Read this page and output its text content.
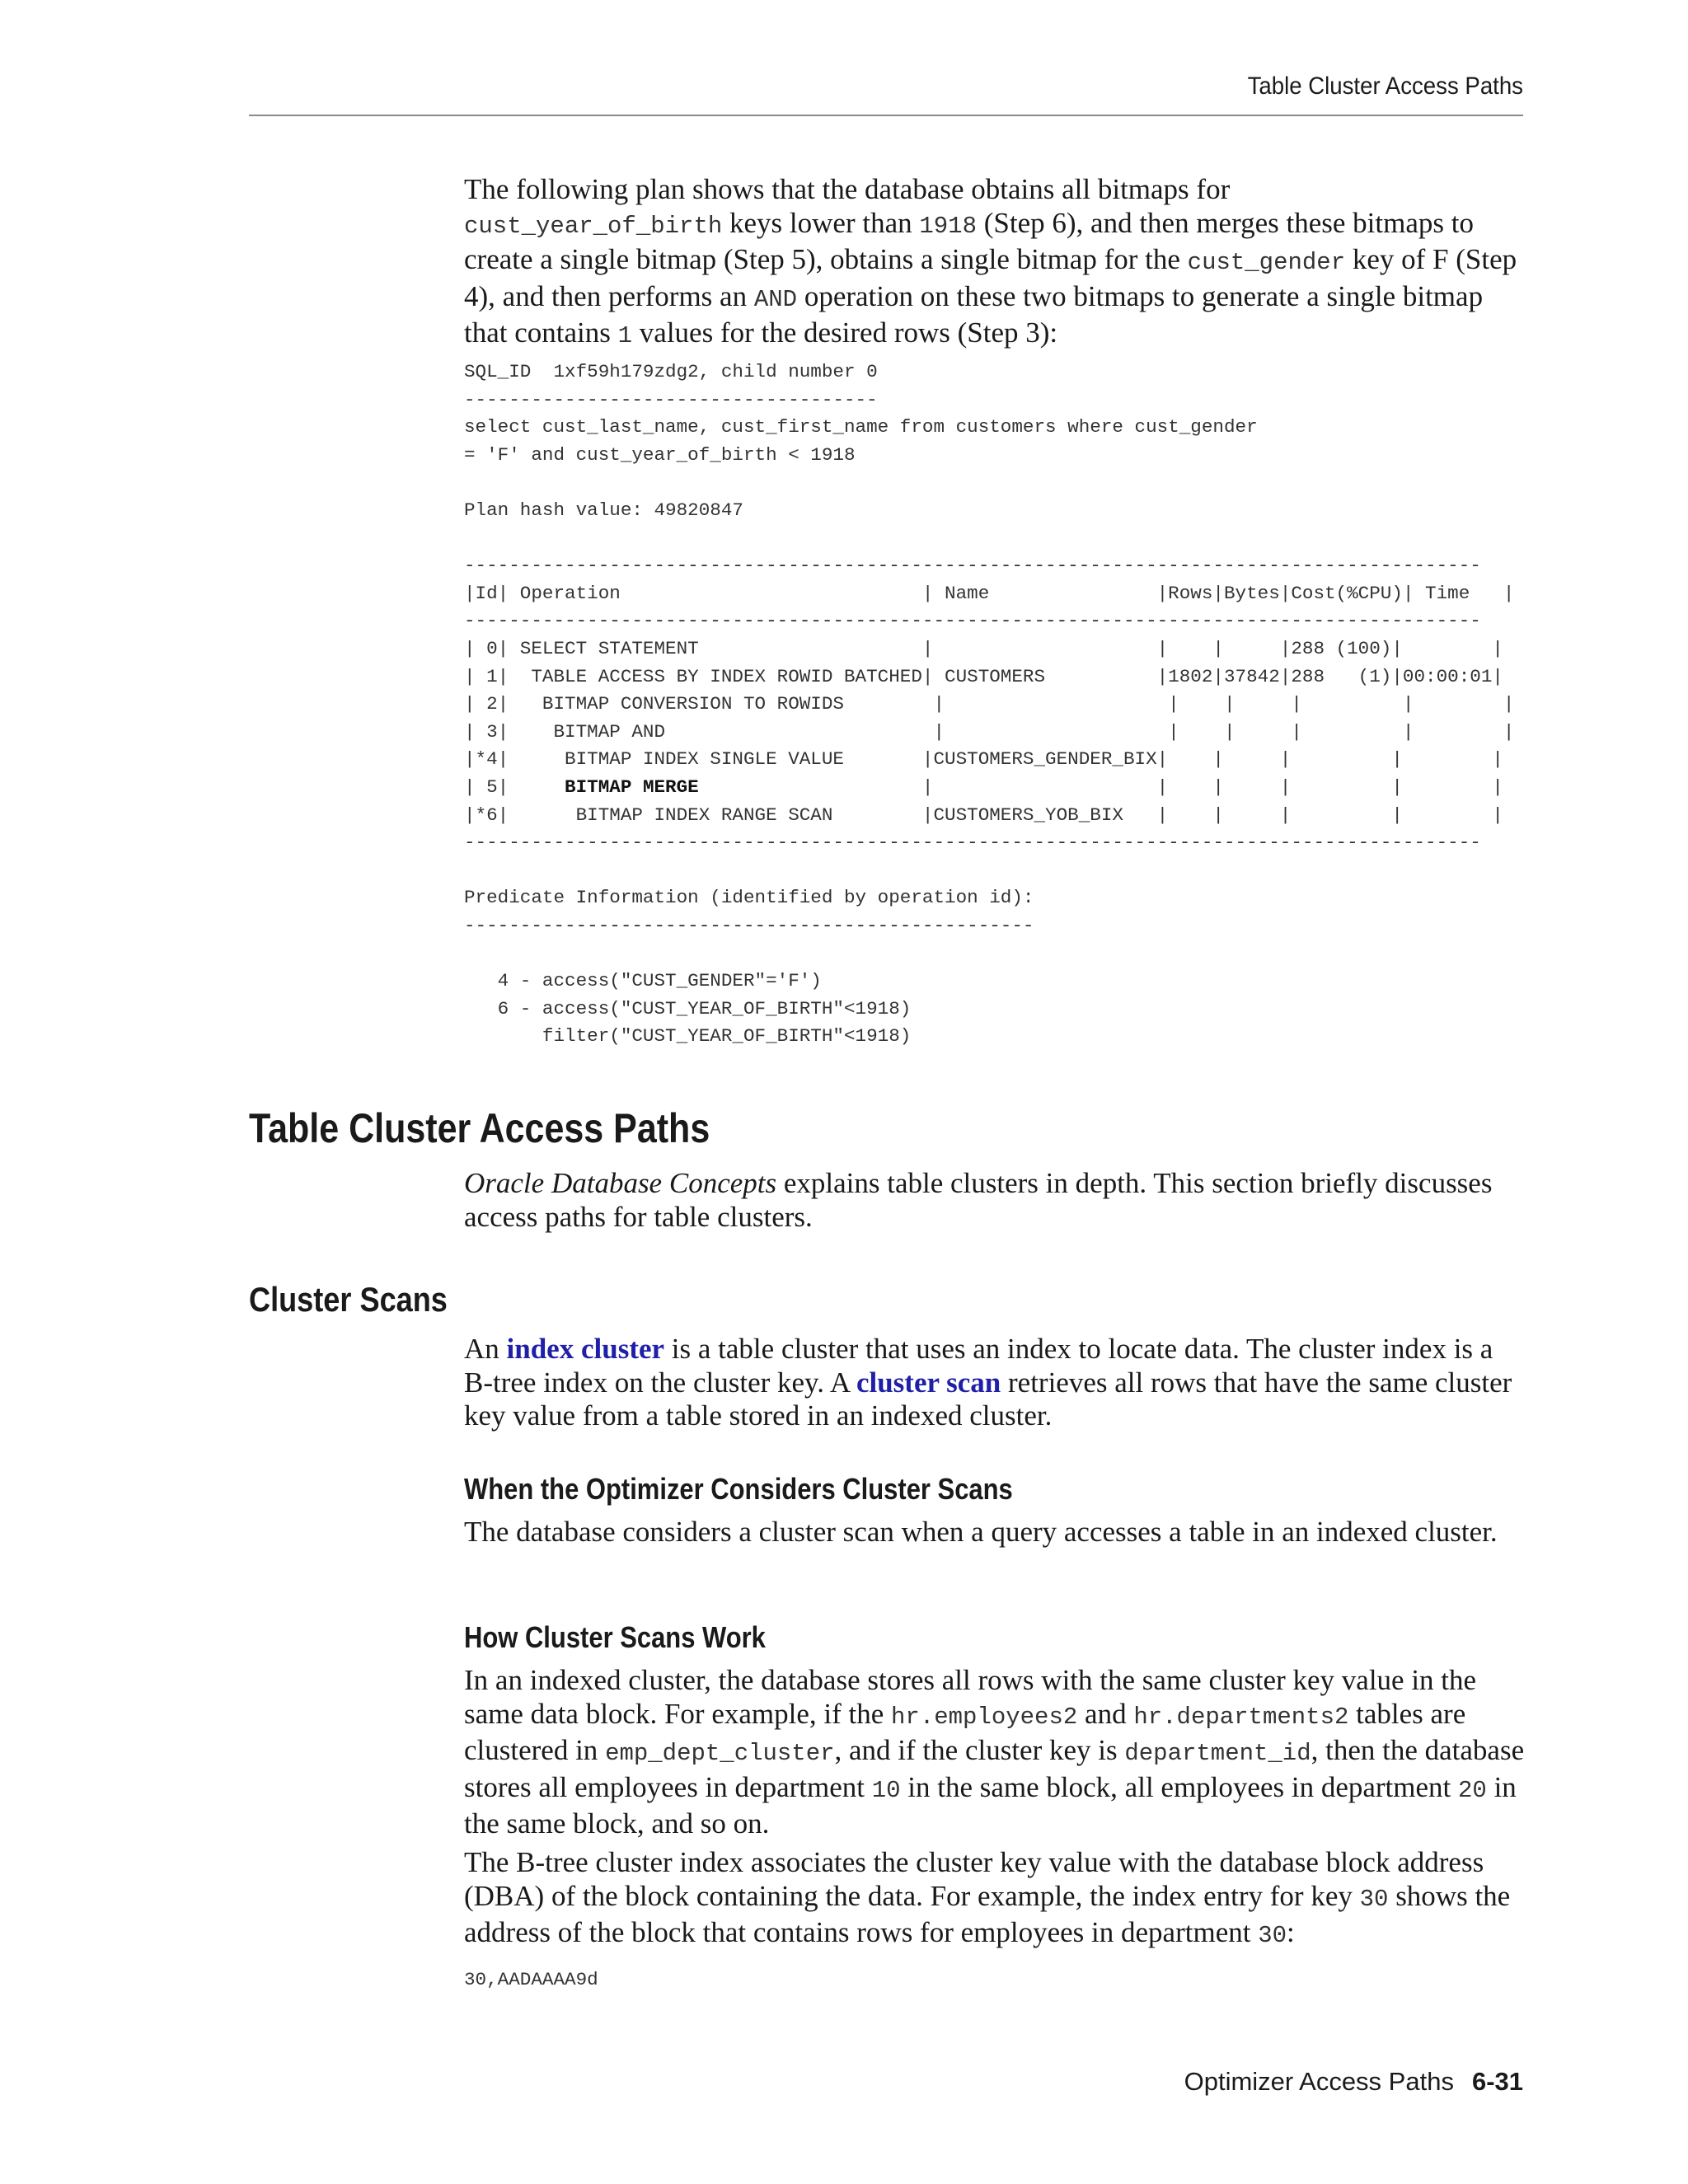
Table Cluster Access Paths

The following plan shows that the database obtains all bitmaps for
cust_year_of_birth keys lower than 1918 (Step 6), and then merges these bitmaps to create a single bitmap (Step 5), obtains a single bitmap for the cust_gender key of F (Step 4), and then performs an AND operation on these two bitmaps to generate a single bitmap that contains 1 values for the desired rows (Step 3):

SQL_ID  1xf59h179zdg2, child number 0
-------------------------------------
select cust_last_name, cust_first_name from customers where cust_gender
= 'F' and cust_year_of_birth < 1918

Plan hash value: 49820847

-------------------------------------------------------------------------------------------
|Id| Operation                           | Name               |Rows|Bytes|Cost(%CPU)| Time   |
-------------------------------------------------------------------------------------------
| 0| SELECT STATEMENT                    |                    |    |     |288 (100)|        |
| 1|  TABLE ACCESS BY INDEX ROWID BATCHED| CUSTOMERS          |1802|37842|288   (1)|00:00:01|
| 2|   BITMAP CONVERSION TO ROWIDS        |                    |    |     |         |        |
| 3|    BITMAP AND                        |                    |    |     |         |        |
|*4|     BITMAP INDEX SINGLE VALUE       |CUSTOMERS_GENDER_BIX|    |     |         |        |
| 5|     BITMAP MERGE                    |                    |    |     |         |        |
|*6|      BITMAP INDEX RANGE SCAN        |CUSTOMERS_YOB_BIX   |    |     |         |        |
-------------------------------------------------------------------------------------------

Predicate Information (identified by operation id):
---------------------------------------------------

4 - access("CUST_GENDER"='F')
6 - access("CUST_YEAR_OF_BIRTH"<1918)
filter("CUST_YEAR_OF_BIRTH"<1918)
Table Cluster Access Paths

Oracle Database Concepts explains table clusters in depth. This section briefly discusses access paths for table clusters.

Cluster Scans

An index cluster is a table cluster that uses an index to locate data. The cluster index is a B-tree index on the cluster key. A cluster scan retrieves all rows that have the same cluster key value from a table stored in an indexed cluster.

When the Optimizer Considers Cluster Scans

The database considers a cluster scan when a query accesses a table in an indexed cluster.

How Cluster Scans Work

In an indexed cluster, the database stores all rows with the same cluster key value in the same data block. For example, if the hr.employees2 and hr.departments2 tables are clustered in emp_dept_cluster, and if the cluster key is department_id, then the database stores all employees in department 10 in the same block, all employees in department 20 in the same block, and so on.

The B-tree cluster index associates the cluster key value with the database block address (DBA) of the block containing the data. For example, the index entry for key 30 shows the address of the block that contains rows for employees in department 30:

30,AADAAAA9d
Optimizer Access Paths 6-31
